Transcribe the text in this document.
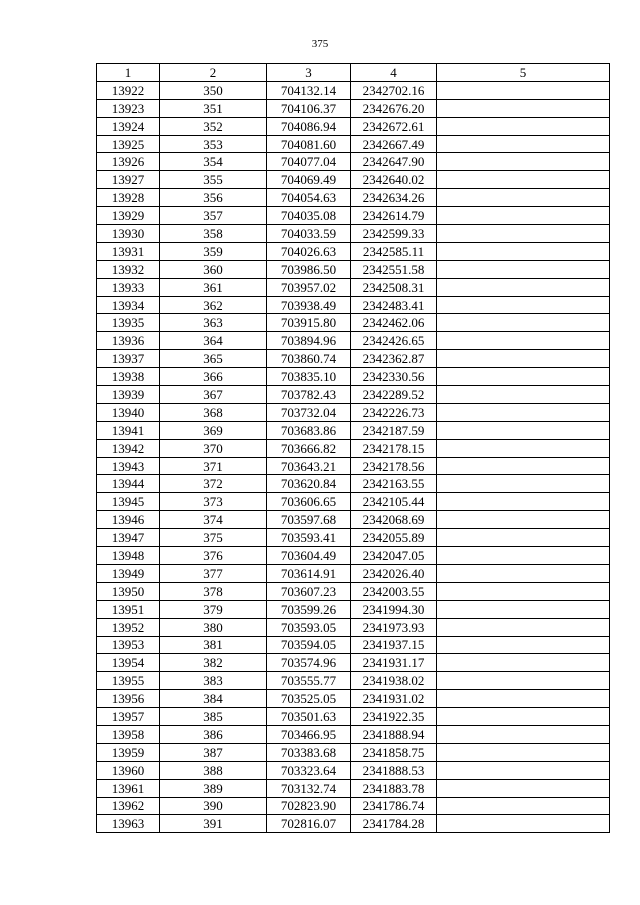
375
1	2	3	4	5
13922	350	704132.14	2342702.16	
13923	351	704106.37	2342676.20	
13924	352	704086.94	2342672.61	
13925	353	704081.60	2342667.49	
13926	354	704077.04	2342647.90	
13927	355	704069.49	2342640.02	
13928	356	704054.63	2342634.26	
13929	357	704035.08	2342614.79	
13930	358	704033.59	2342599.33	
13931	359	704026.63	2342585.11	
13932	360	703986.50	2342551.58	
13933	361	703957.02	2342508.31	
13934	362	703938.49	2342483.41	
13935	363	703915.80	2342462.06	
13936	364	703894.96	2342426.65	
13937	365	703860.74	2342362.87	
13938	366	703835.10	2342330.56	
13939	367	703782.43	2342289.52	
13940	368	703732.04	2342226.73	
13941	369	703683.86	2342187.59	
13942	370	703666.82	2342178.15	
13943	371	703643.21	2342178.56	
13944	372	703620.84	2342163.55	
13945	373	703606.65	2342105.44	
13946	374	703597.68	2342068.69	
13947	375	703593.41	2342055.89	
13948	376	703604.49	2342047.05	
13949	377	703614.91	2342026.40	
13950	378	703607.23	2342003.55	
13951	379	703599.26	2341994.30	
13952	380	703593.05	2341973.93	
13953	381	703594.05	2341937.15	
13954	382	703574.96	2341931.17	
13955	383	703555.77	2341938.02	
13956	384	703525.05	2341931.02	
13957	385	703501.63	2341922.35	
13958	386	703466.95	2341888.94	
13959	387	703383.68	2341858.75	
13960	388	703323.64	2341888.53	
13961	389	703132.74	2341883.78	
13962	390	702823.90	2341786.74	
13963	391	702816.07	2341784.28	
